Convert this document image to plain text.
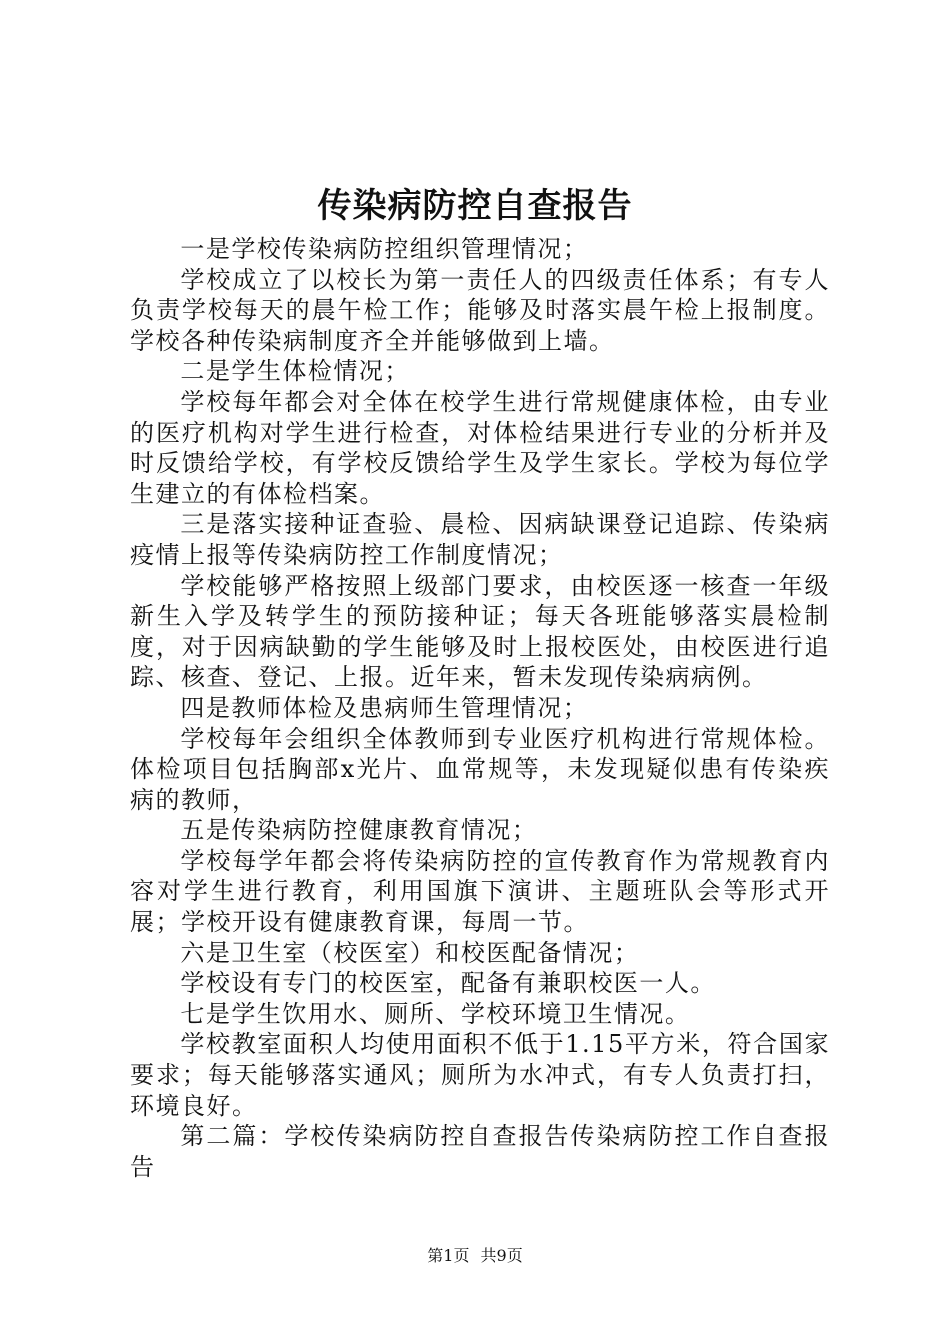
传染病防控自查报告

一是学校传染病防控组织管理情况；

学校成立了以校长为第一责任人的四级责任体系；有专人负责学校每天的晨午检工作；能够及时落实晨午检上报制度。学校各种传染病制度齐全并能够做到上墙。

二是学生体检情况；

学校每年都会对全体在校学生进行常规健康体检，由专业的医疗机构对学生进行检查，对体检结果进行专业的分析并及时反馈给学校，有学校反馈给学生及学生家长。学校为每位学生建立的有体检档案。

三是落实接种证查验、晨检、因病缺课登记追踪、传染病疫情上报等传染病防控工作制度情况；

学校能够严格按照上级部门要求，由校医逐一核查一年级新生入学及转学生的预防接种证；每天各班能够落实晨检制度，对于因病缺勤的学生能够及时上报校医处，由校医进行追踪、核查、登记、上报。近年来，暂未发现传染病病例。

四是教师体检及患病师生管理情况；

学校每年会组织全体教师到专业医疗机构进行常规体检。体检项目包括胸部x光片、血常规等，未发现疑似患有传染疾病的教师，

五是传染病防控健康教育情况；

学校每学年都会将传染病防控的宣传教育作为常规教育内容对学生进行教育，利用国旗下演讲、主题班队会等形式开展；学校开设有健康教育课，每周一节。

六是卫生室（校医室）和校医配备情况；

学校设有专门的校医室，配备有兼职校医一人。

七是学生饮用水、厕所、学校环境卫生情况。

学校教室面积人均使用面积不低于1.15平方米，符合国家要求；每天能够落实通风；厕所为水冲式，有专人负责打扫，环境良好。

第二篇：学校传染病防控自查报告传染病防控工作自查报告

第1页 共9页
